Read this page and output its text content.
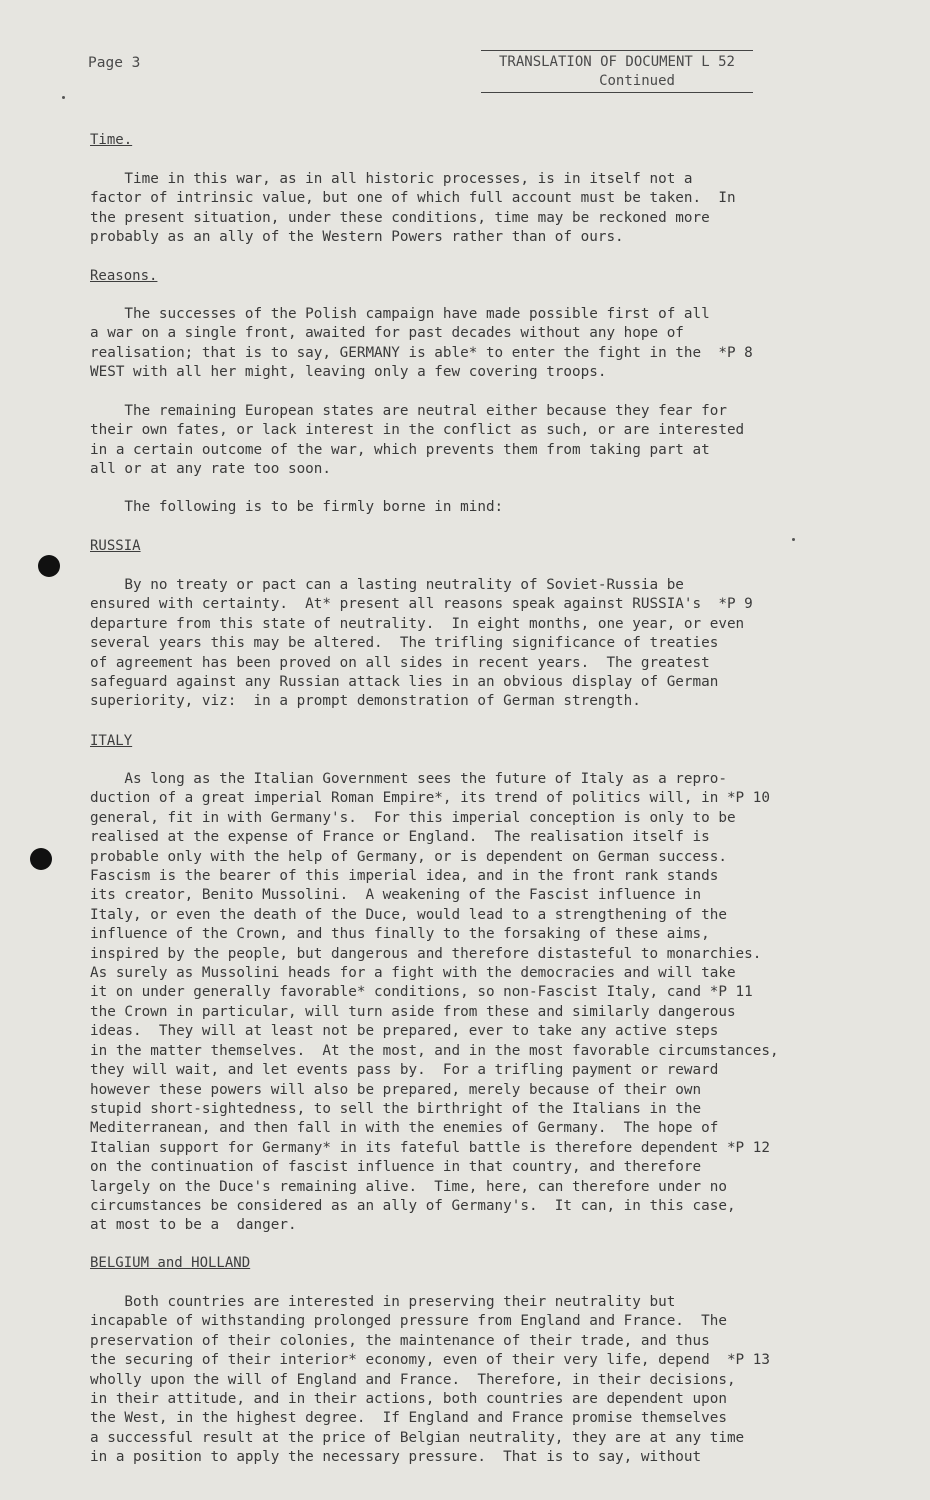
Page 3	TRANSLATION OF DOCUMENT L 52
Continued
Time.
Time in this war, as in all historic processes, is in itself not a
factor of intrinsic value, but one of which full account must be taken.  In
the present situation, under these conditions, time may be reckoned more
probably as an ally of the Western Powers rather than of ours.
Reasons.
The successes of the Polish campaign have made possible first of all
a war on a single front, awaited for past decades without any hope of
realisation; that is to say, GERMANY is able* to enter the fight in the  *P 8
WEST with all her might, leaving only a few covering troops.
The remaining European states are neutral either because they fear for
their own fates, or lack interest in the conflict as such, or are interested
in a certain outcome of the war, which prevents them from taking part at
all or at any rate too soon.
The following is to be firmly borne in mind:
RUSSIA
By no treaty or pact can a lasting neutrality of Soviet-Russia be
ensured with certainty.  At* present all reasons speak against RUSSIA's  *P 9
departure from this state of neutrality.  In eight months, one year, or even
several years this may be altered.  The trifling significance of treaties
of agreement has been proved on all sides in recent years.  The greatest
safeguard against any Russian attack lies in an obvious display of German
superiority, viz:  in a prompt demonstration of German strength.
ITALY
As long as the Italian Government sees the future of Italy as a repro-
duction of a great imperial Roman Empire*, its trend of politics will, in *P 10
general, fit in with Germany's.  For this imperial conception is only to be
realised at the expense of France or England.  The realisation itself is
probable only with the help of Germany, or is dependent on German success.
Fascism is the bearer of this imperial idea, and in the front rank stands
its creator, Benito Mussolini.  A weakening of the Fascist influence in
Italy, or even the death of the Duce, would lead to a strengthening of the
influence of the Crown, and thus finally to the forsaking of these aims,
inspired by the people, but dangerous and therefore distasteful to monarchies.
As surely as Mussolini heads for a fight with the democracies and will take
it on under generally favorable* conditions, so non-Fascist Italy, cand *P 11
the Crown in particular, will turn aside from these and similarly dangerous
ideas.  They will at least not be prepared, ever to take any active steps
in the matter themselves.  At the most, and in the most favorable circumstances,
they will wait, and let events pass by.  For a trifling payment or reward
however these powers will also be prepared, merely because of their own
stupid short-sightedness, to sell the birthright of the Italians in the
Mediterranean, and then fall in with the enemies of Germany.  The hope of
Italian support for Germany* in its fateful battle is therefore dependent *P 12
on the continuation of fascist influence in that country, and therefore
largely on the Duce's remaining alive.  Time, here, can therefore under no
circumstances be considered as an ally of Germany's.  It can, in this case,
at most to be a  danger.
BELGIUM and HOLLAND
Both countries are interested in preserving their neutrality but
incapable of withstanding prolonged pressure from England and France.  The
preservation of their colonies, the maintenance of their trade, and thus
the securing of their interior* economy, even of their very life, depend  *P 13
wholly upon the will of England and France.  Therefore, in their decisions,
in their attitude, and in their actions, both countries are dependent upon
the West, in the highest degree.  If England and France promise themselves
a successful result at the price of Belgian neutrality, they are at any time
in a position to apply the necessary pressure.  That is to say, without
